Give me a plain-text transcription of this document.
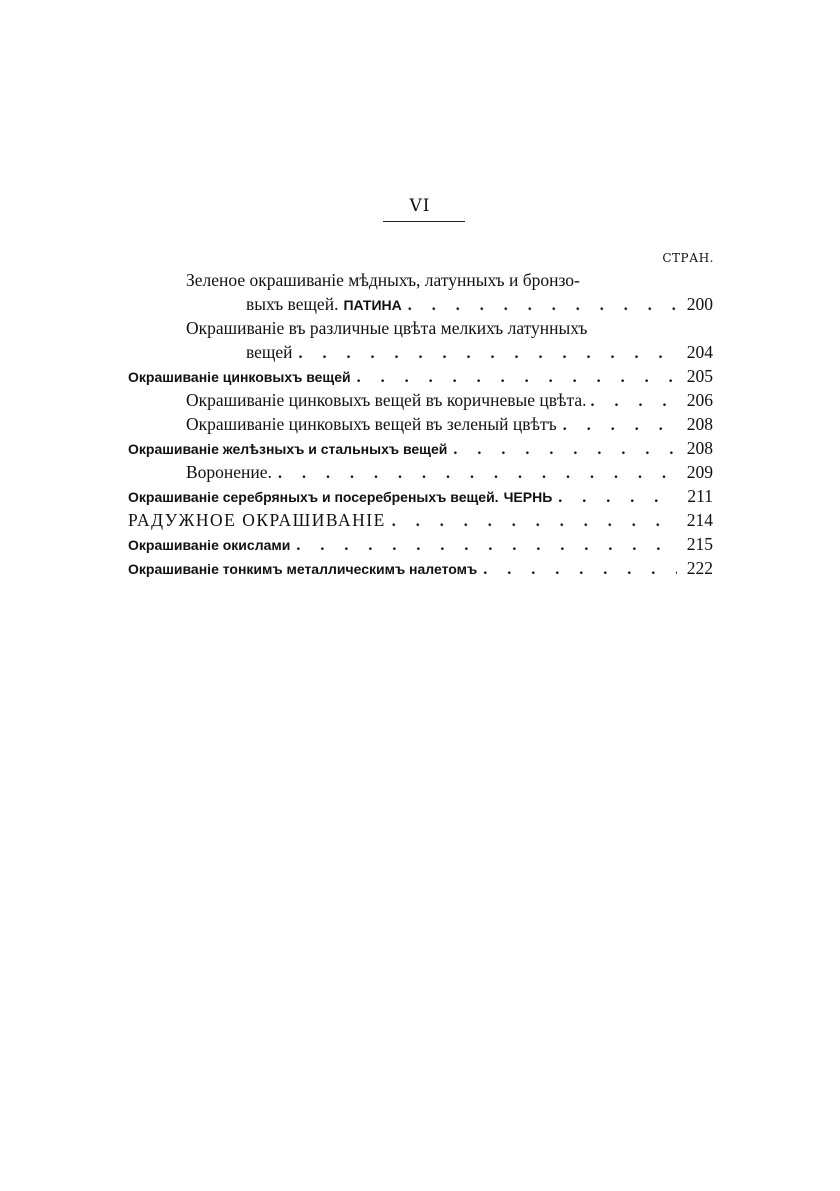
VI
СТРАН.
Зеленое окрашиванiе мѣдныхъ, латунныхъ и бронзо-
выхъ вещей. ПАТИНА . . .	200
Окрашиванiе въ различные цвѣта мелкихъ латунныхъ
вещей . . .	204
Окрашиванiе цинковыхъ вещей . . .	205
Окрашиванiе цинковыхъ вещей въ коричневые цвѣта. . . .	206
Окрашиванiе цинковыхъ вещей въ зеленый цвѣтъ . . .	208
Окрашиванiе желѣзныхъ и стальныхъ вещей . . .	208
Воронение. . . .	209
Окрашиванiе серебряныхъ и посеребреныхъ вещей. ЧЕРНЬ . . .	211
РАДУЖНОЕ ОКРАШИВАНIЕ . . .	214
Окрашиванiе окислами . . .	215
Окрашиванiе тонкимъ металлическимъ налетомъ . . .	222
